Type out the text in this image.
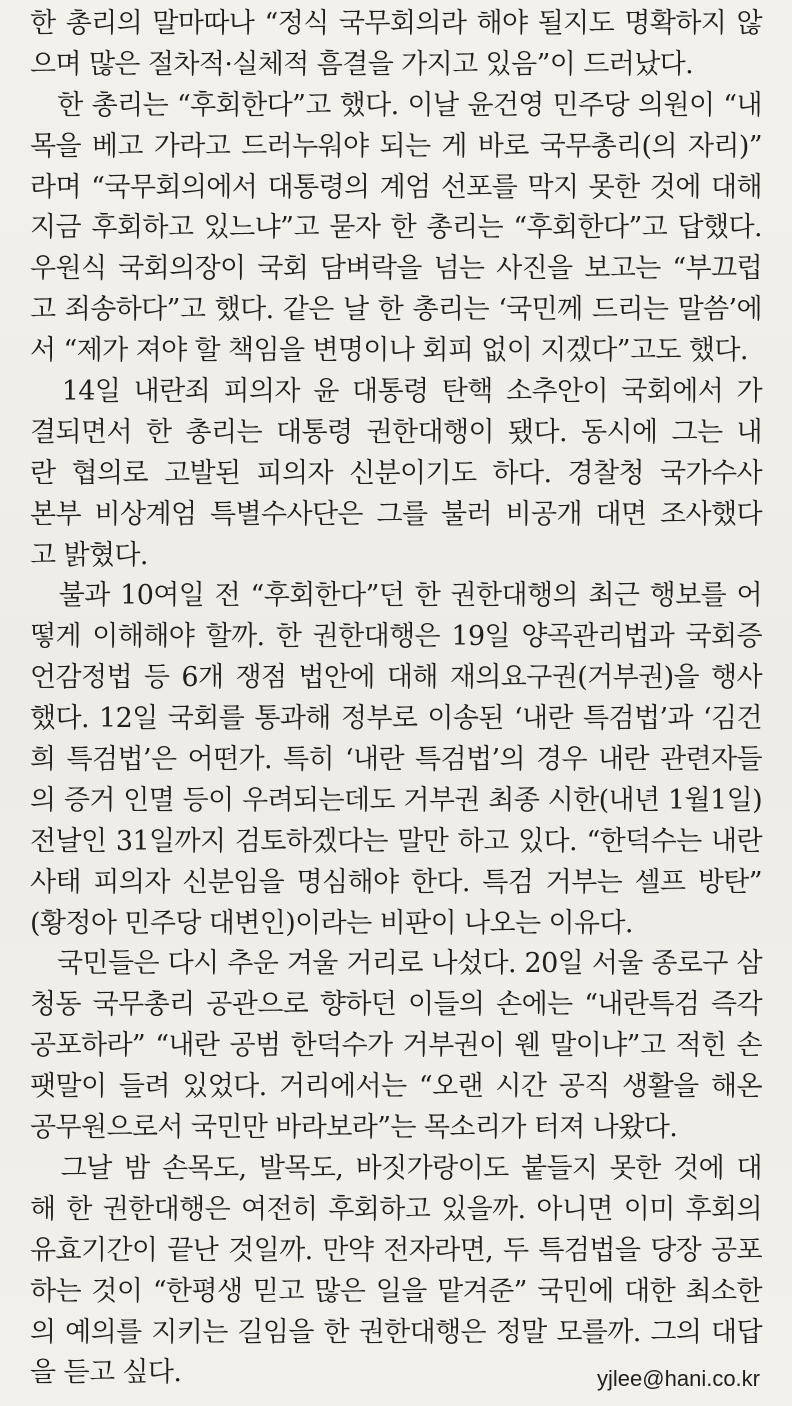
한 총리의 말마따나 “정식 국무회의라 해야 될지도 명확하지 않
으며 많은 절차적·실체적 흠결을 가지고 있음”이 드러났다.
　한 총리는 “후회한다”고 했다. 이날 윤건영 민주당 의원이 “내
목을 베고 가라고 드러누워야 되는 게 바로 국무총리(의 자리)”
라며 “국무회의에서 대통령의 계엄 선포를 막지 못한 것에 대해
지금 후회하고 있느냐”고 묻자 한 총리는 “후회한다”고 답했다.
우원식 국회의장이 국회 담벼락을 넘는 사진을 보고는 “부끄럽
고 죄송하다”고 했다. 같은 날 한 총리는 ‘국민께 드리는 말씀’에
서 “제가 져야 할 책임을 변명이나 회피 없이 지겠다”고도 했다.
　14일 내란죄 피의자 윤 대통령 탄핵 소추안이 국회에서 가
결되면서 한 총리는 대통령 권한대행이 됐다. 동시에 그는 내
란 협의로 고발된 피의자 신분이기도 하다. 경찰청 국가수사
본부 비상계엄 특별수사단은 그를 불러 비공개 대면 조사했다
고 밝혔다.
　불과 10여일 전 “후회한다”던 한 권한대행의 최근 행보를 어
떻게 이해해야 할까. 한 권한대행은 19일 양곡관리법과 국회증
언감정법 등 6개 쟁점 법안에 대해 재의요구권(거부권)을 행사
했다. 12일 국회를 통과해 정부로 이송된 ‘내란 특검법’과 ‘김건
희 특검법’은 어떤가. 특히 ‘내란 특검법’의 경우 내란 관련자들
의 증거 인멸 등이 우려되는데도 거부권 최종 시한(내년 1월1일)
전날인 31일까지 검토하겠다는 말만 하고 있다. “한덕수는 내란
사태 피의자 신분임을 명심해야 한다. 특검 거부는 셀프 방탄”
(황정아 민주당 대변인)이라는 비판이 나오는 이유다.
　국민들은 다시 추운 겨울 거리로 나섰다. 20일 서울 종로구 삼
청동 국무총리 공관으로 향하던 이들의 손에는 “내란특검 즉각
공포하라” “내란 공범 한덕수가 거부권이 웬 말이냐”고 적힌 손
팻말이 들려 있었다. 거리에서는 “오랜 시간 공직 생활을 해온
공무원으로서 국민만 바라보라”는 목소리가 터져 나왔다.
　그날 밤 손목도, 발목도, 바짓가랑이도 붙들지 못한 것에 대
해 한 권한대행은 여전히 후회하고 있을까. 아니면 이미 후회의
유효기간이 끝난 것일까. 만약 전자라면, 두 특검법을 당장 공포
하는 것이 “한평생 믿고 많은 일을 맡겨준” 국민에 대한 최소한
의 예의를 지키는 길임을 한 권한대행은 정말 모를까. 그의 대답
을 듣고 싶다.	yjlee@hani.co.kr
